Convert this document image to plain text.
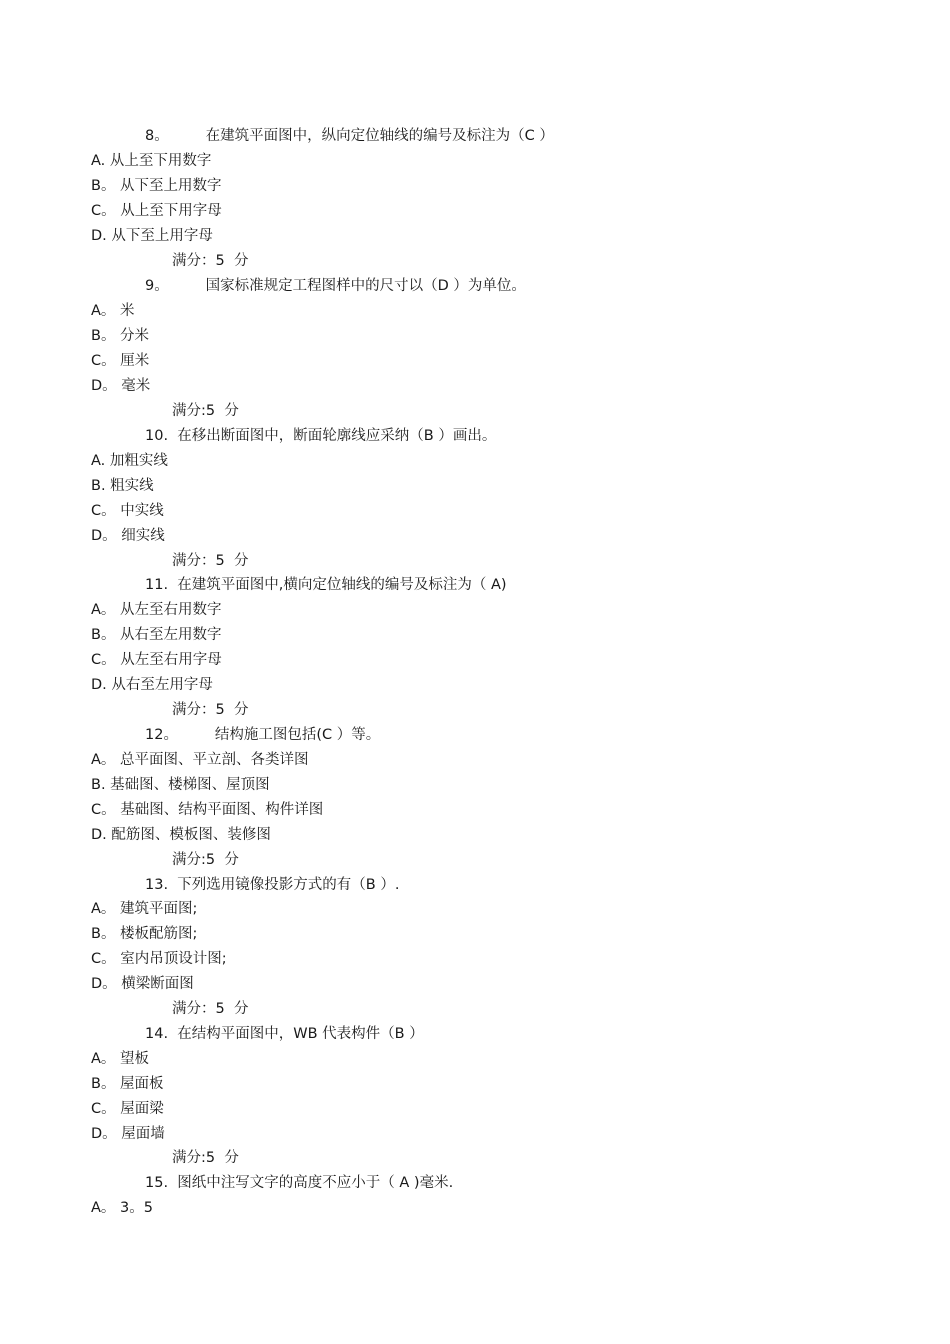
8。        在建筑平面图中，纵向定位轴线的编号及标注为（C ）
A. 从上至下用数字
B。 从下至上用数字
C。 从上至下用字母
D. 从下至上用字母
满分：5  分
9。        国家标准规定工程图样中的尺寸以（D ）为单位。
A。 米
B。 分米
C。 厘米
D。 毫米
满分:5  分
10.  在移出断面图中，断面轮廓线应采纳（B ）画出。
A. 加粗实线
B. 粗实线
C。 中实线
D。 细实线
满分：5  分
11.  在建筑平面图中,横向定位轴线的编号及标注为（ A)
A。 从左至右用数字
B。 从右至左用数字
C。 从左至右用字母
D. 从右至左用字母
满分：5  分
12。        结构施工图包括(C ）等。
A。 总平面图、平立剖、各类详图
B. 基础图、楼梯图、屋顶图
C。 基础图、结构平面图、构件详图
D. 配筋图、模板图、装修图
满分:5  分
13.  下列选用镜像投影方式的有（B ）.
A。 建筑平面图;
B。 楼板配筋图;
C。 室内吊顶设计图;
D。 横梁断面图
满分：5  分
14.  在结构平面图中，WB 代表构件（B ）
A。 望板
B。 屋面板
C。 屋面梁
D。 屋面墙
满分:5  分
15.  图纸中注写文字的高度不应小于（ A )毫米.
A。 3。5
